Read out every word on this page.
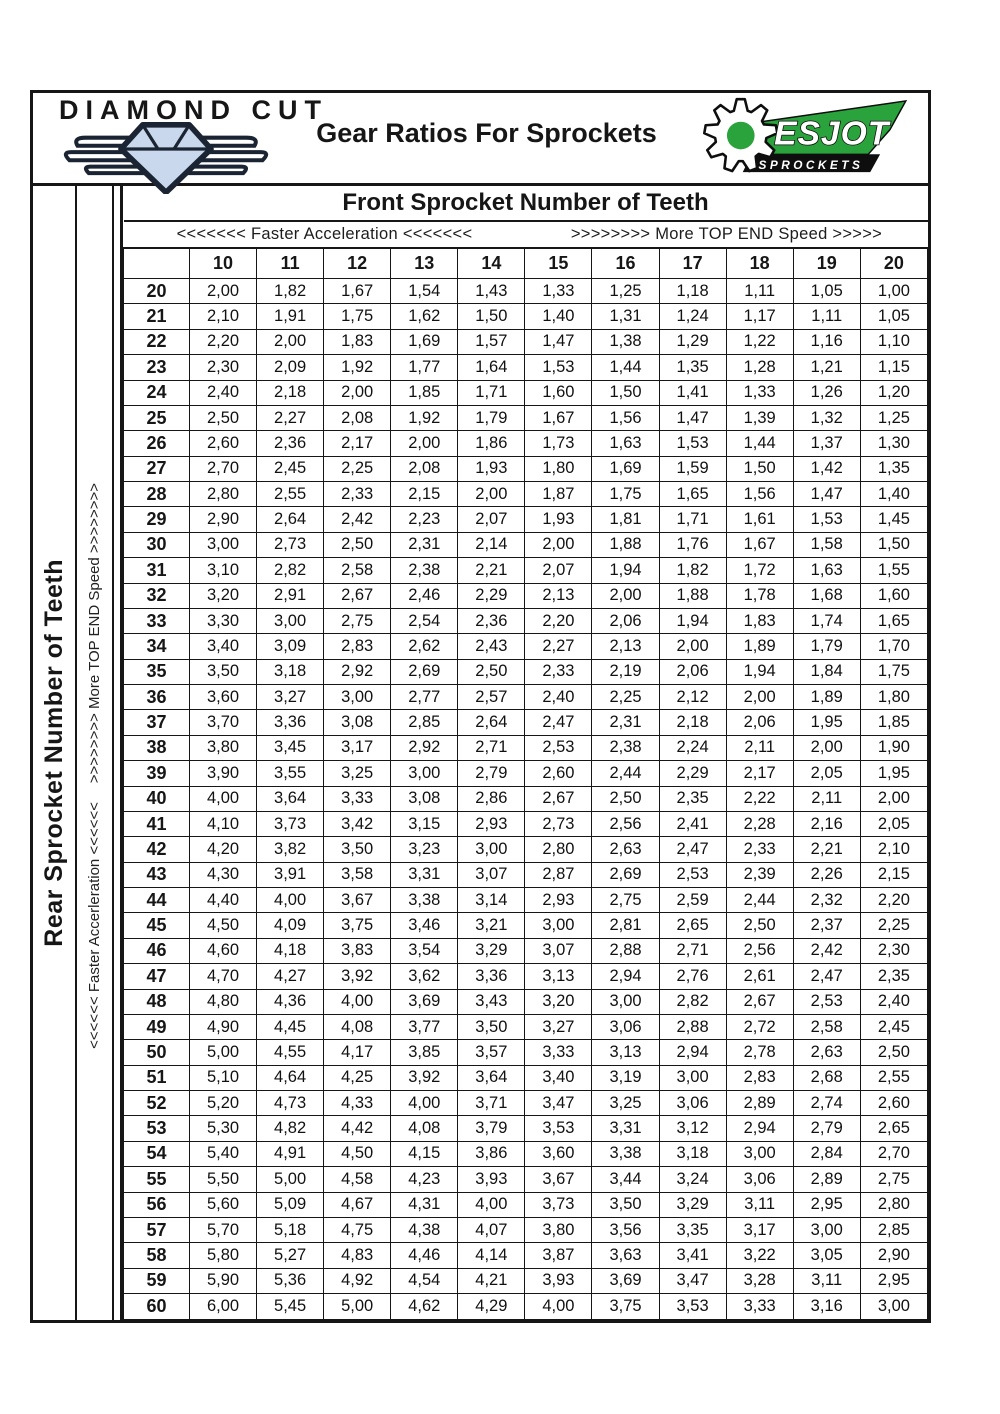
DIAMOND CUT
Gear Ratios For Sprockets
SPROCKETS
ESJOT
Rear Sprocket Number of Teeth >>>>>>>> More TOP END Speed >>>>>>>>
<<<<<< Faster Accerleration <<<<<<
Front Sprocket Number of Teeth											

<<<<<<< Faster Acceleration <<<<<<< >>>>>>>> More TOP END Speed >>>>>											

	10	11	12	13	14	15	16	17	18	19	20
20	2,00	1,82	1,67	1,54	1,43	1,33	1,25	1,18	1,11	1,05	1,00
21	2,10	1,91	1,75	1,62	1,50	1,40	1,31	1,24	1,17	1,11	1,05
22	2,20	2,00	1,83	1,69	1,57	1,47	1,38	1,29	1,22	1,16	1,10
23	2,30	2,09	1,92	1,77	1,64	1,53	1,44	1,35	1,28	1,21	1,15
24	2,40	2,18	2,00	1,85	1,71	1,60	1,50	1,41	1,33	1,26	1,20
25	2,50	2,27	2,08	1,92	1,79	1,67	1,56	1,47	1,39	1,32	1,25
26	2,60	2,36	2,17	2,00	1,86	1,73	1,63	1,53	1,44	1,37	1,30
27	2,70	2,45	2,25	2,08	1,93	1,80	1,69	1,59	1,50	1,42	1,35
28	2,80	2,55	2,33	2,15	2,00	1,87	1,75	1,65	1,56	1,47	1,40
29	2,90	2,64	2,42	2,23	2,07	1,93	1,81	1,71	1,61	1,53	1,45
30	3,00	2,73	2,50	2,31	2,14	2,00	1,88	1,76	1,67	1,58	1,50
31	3,10	2,82	2,58	2,38	2,21	2,07	1,94	1,82	1,72	1,63	1,55
32	3,20	2,91	2,67	2,46	2,29	2,13	2,00	1,88	1,78	1,68	1,60
33	3,30	3,00	2,75	2,54	2,36	2,20	2,06	1,94	1,83	1,74	1,65
34	3,40	3,09	2,83	2,62	2,43	2,27	2,13	2,00	1,89	1,79	1,70
35	3,50	3,18	2,92	2,69	2,50	2,33	2,19	2,06	1,94	1,84	1,75
36	3,60	3,27	3,00	2,77	2,57	2,40	2,25	2,12	2,00	1,89	1,80
37	3,70	3,36	3,08	2,85	2,64	2,47	2,31	2,18	2,06	1,95	1,85
38	3,80	3,45	3,17	2,92	2,71	2,53	2,38	2,24	2,11	2,00	1,90
39	3,90	3,55	3,25	3,00	2,79	2,60	2,44	2,29	2,17	2,05	1,95
40	4,00	3,64	3,33	3,08	2,86	2,67	2,50	2,35	2,22	2,11	2,00
41	4,10	3,73	3,42	3,15	2,93	2,73	2,56	2,41	2,28	2,16	2,05
42	4,20	3,82	3,50	3,23	3,00	2,80	2,63	2,47	2,33	2,21	2,10
43	4,30	3,91	3,58	3,31	3,07	2,87	2,69	2,53	2,39	2,26	2,15
44	4,40	4,00	3,67	3,38	3,14	2,93	2,75	2,59	2,44	2,32	2,20
45	4,50	4,09	3,75	3,46	3,21	3,00	2,81	2,65	2,50	2,37	2,25
46	4,60	4,18	3,83	3,54	3,29	3,07	2,88	2,71	2,56	2,42	2,30
47	4,70	4,27	3,92	3,62	3,36	3,13	2,94	2,76	2,61	2,47	2,35
48	4,80	4,36	4,00	3,69	3,43	3,20	3,00	2,82	2,67	2,53	2,40
49	4,90	4,45	4,08	3,77	3,50	3,27	3,06	2,88	2,72	2,58	2,45
50	5,00	4,55	4,17	3,85	3,57	3,33	3,13	2,94	2,78	2,63	2,50
51	5,10	4,64	4,25	3,92	3,64	3,40	3,19	3,00	2,83	2,68	2,55
52	5,20	4,73	4,33	4,00	3,71	3,47	3,25	3,06	2,89	2,74	2,60
53	5,30	4,82	4,42	4,08	3,79	3,53	3,31	3,12	2,94	2,79	2,65
54	5,40	4,91	4,50	4,15	3,86	3,60	3,38	3,18	3,00	2,84	2,70
55	5,50	5,00	4,58	4,23	3,93	3,67	3,44	3,24	3,06	2,89	2,75
56	5,60	5,09	4,67	4,31	4,00	3,73	3,50	3,29	3,11	2,95	2,80
57	5,70	5,18	4,75	4,38	4,07	3,80	3,56	3,35	3,17	3,00	2,85
58	5,80	5,27	4,83	4,46	4,14	3,87	3,63	3,41	3,22	3,05	2,90
59	5,90	5,36	4,92	4,54	4,21	3,93	3,69	3,47	3,28	3,11	2,95
60	6,00	5,45	5,00	4,62	4,29	4,00	3,75	3,53	3,33	3,16	3,00
